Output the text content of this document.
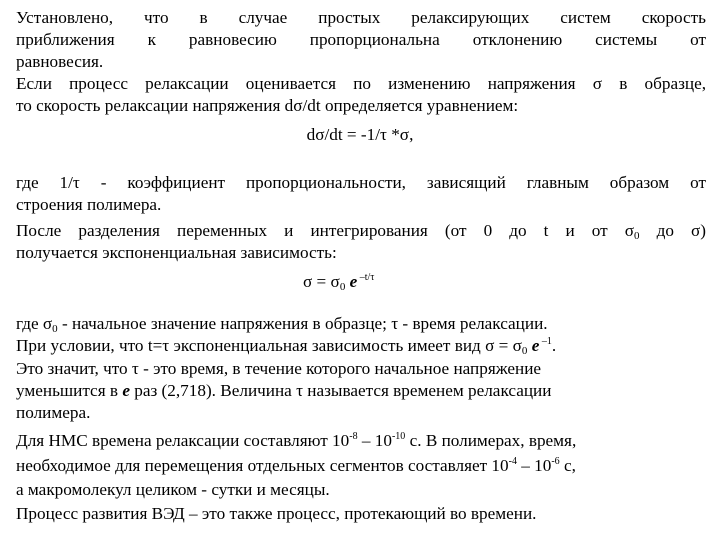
Установлено, что в случае простых релаксирующих систем скорость

приближения к равновесию пропорциональна отклонению системы от

равновесия.

Если процесс релаксации оценивается по изменению напряжения σ в образце,

то скорость релаксации напряжения dσ/dt определяется уравнением:

dσ/dt = -1/τ *σ,

где 1/τ - коэффициент пропорциональности, зависящий главным образом от

строения полимера.

После разделения переменных и интегрирования (от 0 до t и от $\sigma_0$ до σ)

получается экспоненциальная зависимость:

$\sigma = \sigma_0$ e $^{-t/\tau}$

где $\sigma_0$ - начальное значение напряжения в образце; τ - время релаксации.

При условии, что t=τ экспоненциальная зависимость имеет вид $\sigma = \sigma_0$ e $^{-1}$.

Это значит, что τ - это время, в течение которого начальное напряжение

уменьшится в e раз (2,718). Величина τ называется временем релаксации

полимера.

Для НМС времена релаксации составляют $10^{-8} - 10^{-10}$ с. В полимерах, время,

необходимое для перемещения отдельных сегментов составляет $10^{-4} - 10^{-6}$ с,

а макромолекул целиком - сутки и месяцы.

Процесс развития ВЭД – это также процесс, протекающий во времени.
